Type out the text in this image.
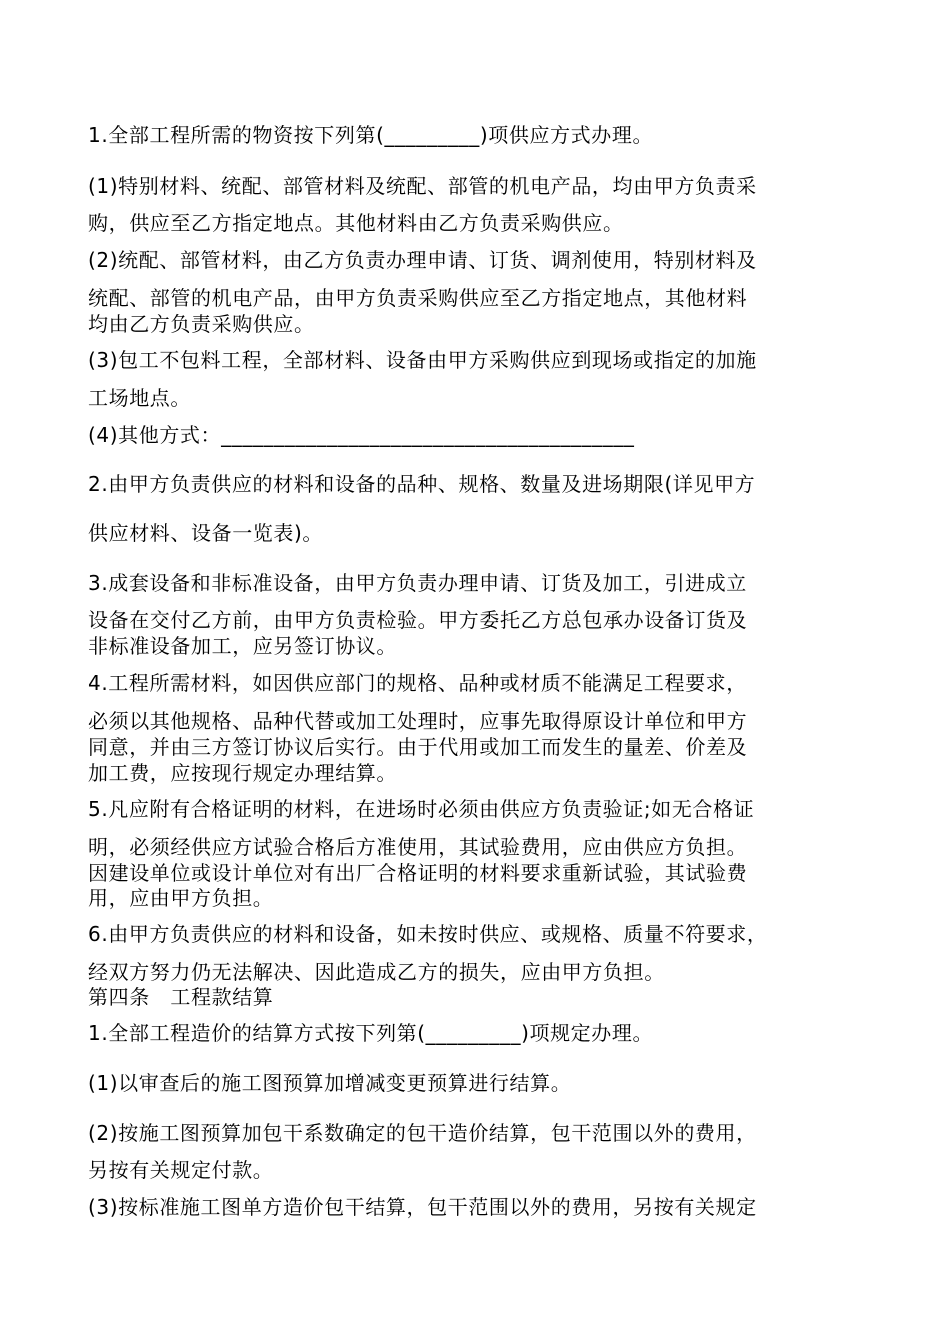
1.全部工程所需的物资按下列第(_________)项供应方式办理。
(1)特别材料、统配、部管材料及统配、部管的机电产品，均由甲方负责采
购，供应至乙方指定地点。其他材料由乙方负责采购供应。
(2)统配、部管材料，由乙方负责办理申请、订货、调剂使用，特别材料及
统配、部管的机电产品，由甲方负责采购供应至乙方指定地点，其他材料
均由乙方负责采购供应。
(3)包工不包料工程，全部材料、设备由甲方采购供应到现场或指定的加施
工场地点。
(4)其他方式：_______________________________________
2.由甲方负责供应的材料和设备的品种、规格、数量及进场期限(详见甲方
供应材料、设备一览表)。
3.成套设备和非标准设备，由甲方负责办理申请、订货及加工，引进成立
设备在交付乙方前，由甲方负责检验。甲方委托乙方总包承办设备订货及
非标准设备加工，应另签订协议。
4.工程所需材料，如因供应部门的规格、品种或材质不能满足工程要求，
必须以其他规格、品种代替或加工处理时，应事先取得原设计单位和甲方
同意，并由三方签订协议后实行。由于代用或加工而发生的量差、价差及
加工费，应按现行规定办理结算。
5.凡应附有合格证明的材料，在进场时必须由供应方负责验证;如无合格证
明，必须经供应方试验合格后方准使用，其试验费用，应由供应方负担。
因建设单位或设计单位对有出厂合格证明的材料要求重新试验，其试验费
用，应由甲方负担。
6.由甲方负责供应的材料和设备，如未按时供应、或规格、质量不符要求，
经双方努力仍无法解决、因此造成乙方的损失，应由甲方负担。
第四条　工程款结算
1.全部工程造价的结算方式按下列第(_________)项规定办理。
(1)以审查后的施工图预算加增减变更预算进行结算。
(2)按施工图预算加包干系数确定的包干造价结算，包干范围以外的费用，
另按有关规定付款。
(3)按标准施工图单方造价包干结算，包干范围以外的费用，另按有关规定
